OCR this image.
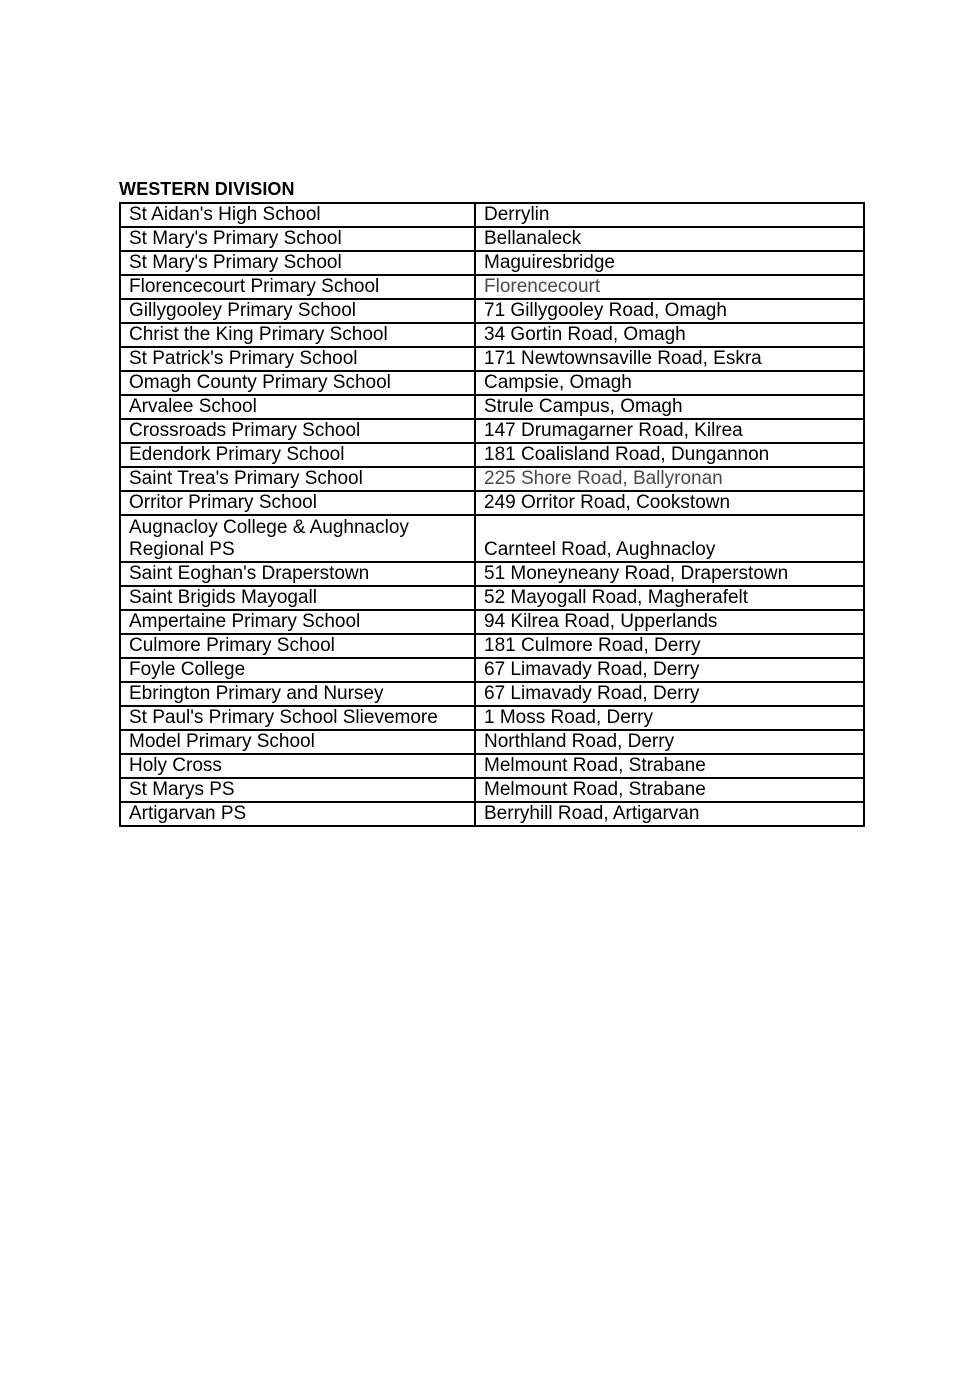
WESTERN DIVISION
St Aidan's High School	Derrylin
St Mary's Primary School	Bellanaleck
St Mary's Primary School	Maguiresbridge
Florencecourt Primary School	Florencecourt
Gillygooley Primary School	71 Gillygooley Road, Omagh
Christ the King Primary School	34 Gortin Road, Omagh
St Patrick's Primary School	171 Newtownsaville Road, Eskra
Omagh County Primary School	Campsie, Omagh
Arvalee School	Strule Campus, Omagh
Crossroads Primary School	147 Drumagarner Road, Kilrea
Edendork Primary School	181 Coalisland Road, Dungannon
Saint Trea's Primary School	225 Shore Road, Ballyronan
Orritor Primary School	249 Orritor Road, Cookstown
Augnacloy College & Aughnacloy Regional PS	Carnteel Road, Aughnacloy
Saint Eoghan's Draperstown	51 Moneyneany Road, Draperstown
Saint Brigids Mayogall	52 Mayogall Road, Magherafelt
Ampertaine Primary School	94 Kilrea Road, Upperlands
Culmore Primary School	181 Culmore Road, Derry
Foyle College	67 Limavady Road, Derry
Ebrington Primary and Nursey	67 Limavady Road, Derry
St Paul's Primary School Slievemore	1 Moss Road, Derry
Model Primary School	Northland Road, Derry
Holy Cross	Melmount Road, Strabane
St Marys PS	Melmount Road, Strabane
Artigarvan PS	Berryhill Road, Artigarvan
